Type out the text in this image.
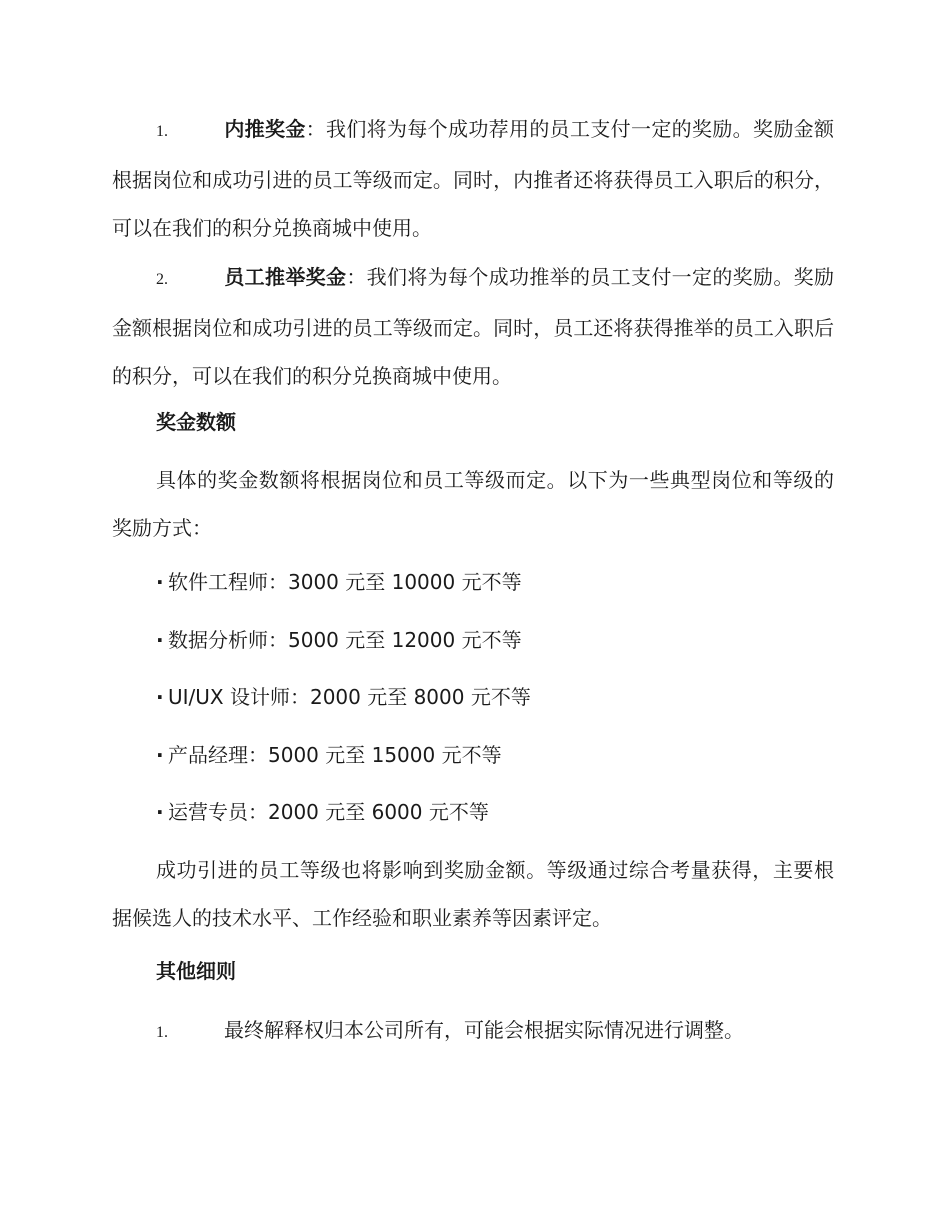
1.	内推奖金：我们将为每个成功荐用的员工支付一定的奖励。奖励金额根据岗位和成功引进的员工等级而定。同时，内推者还将获得员工入职后的积分，可以在我们的积分兑换商城中使用。

2.	员工推举奖金：我们将为每个成功推举的员工支付一定的奖励。奖励金额根据岗位和成功引进的员工等级而定。同时，员工还将获得推举的员工入职后的积分，可以在我们的积分兑换商城中使用。

奖金数额

具体的奖金数额将根据岗位和员工等级而定。以下为一些典型岗位和等级的奖励方式：

· 软件工程师：3000 元至 10000 元不等
· 数据分析师：5000 元至 12000 元不等
· UI/UX 设计师：2000 元至 8000 元不等
· 产品经理：5000 元至 15000 元不等
· 运营专员：2000 元至 6000 元不等

成功引进的员工等级也将影响到奖励金额。等级通过综合考量获得，主要根据候选人的技术水平、工作经验和职业素养等因素评定。

其他细则

1.	最终解释权归本公司所有，可能会根据实际情况进行调整。
